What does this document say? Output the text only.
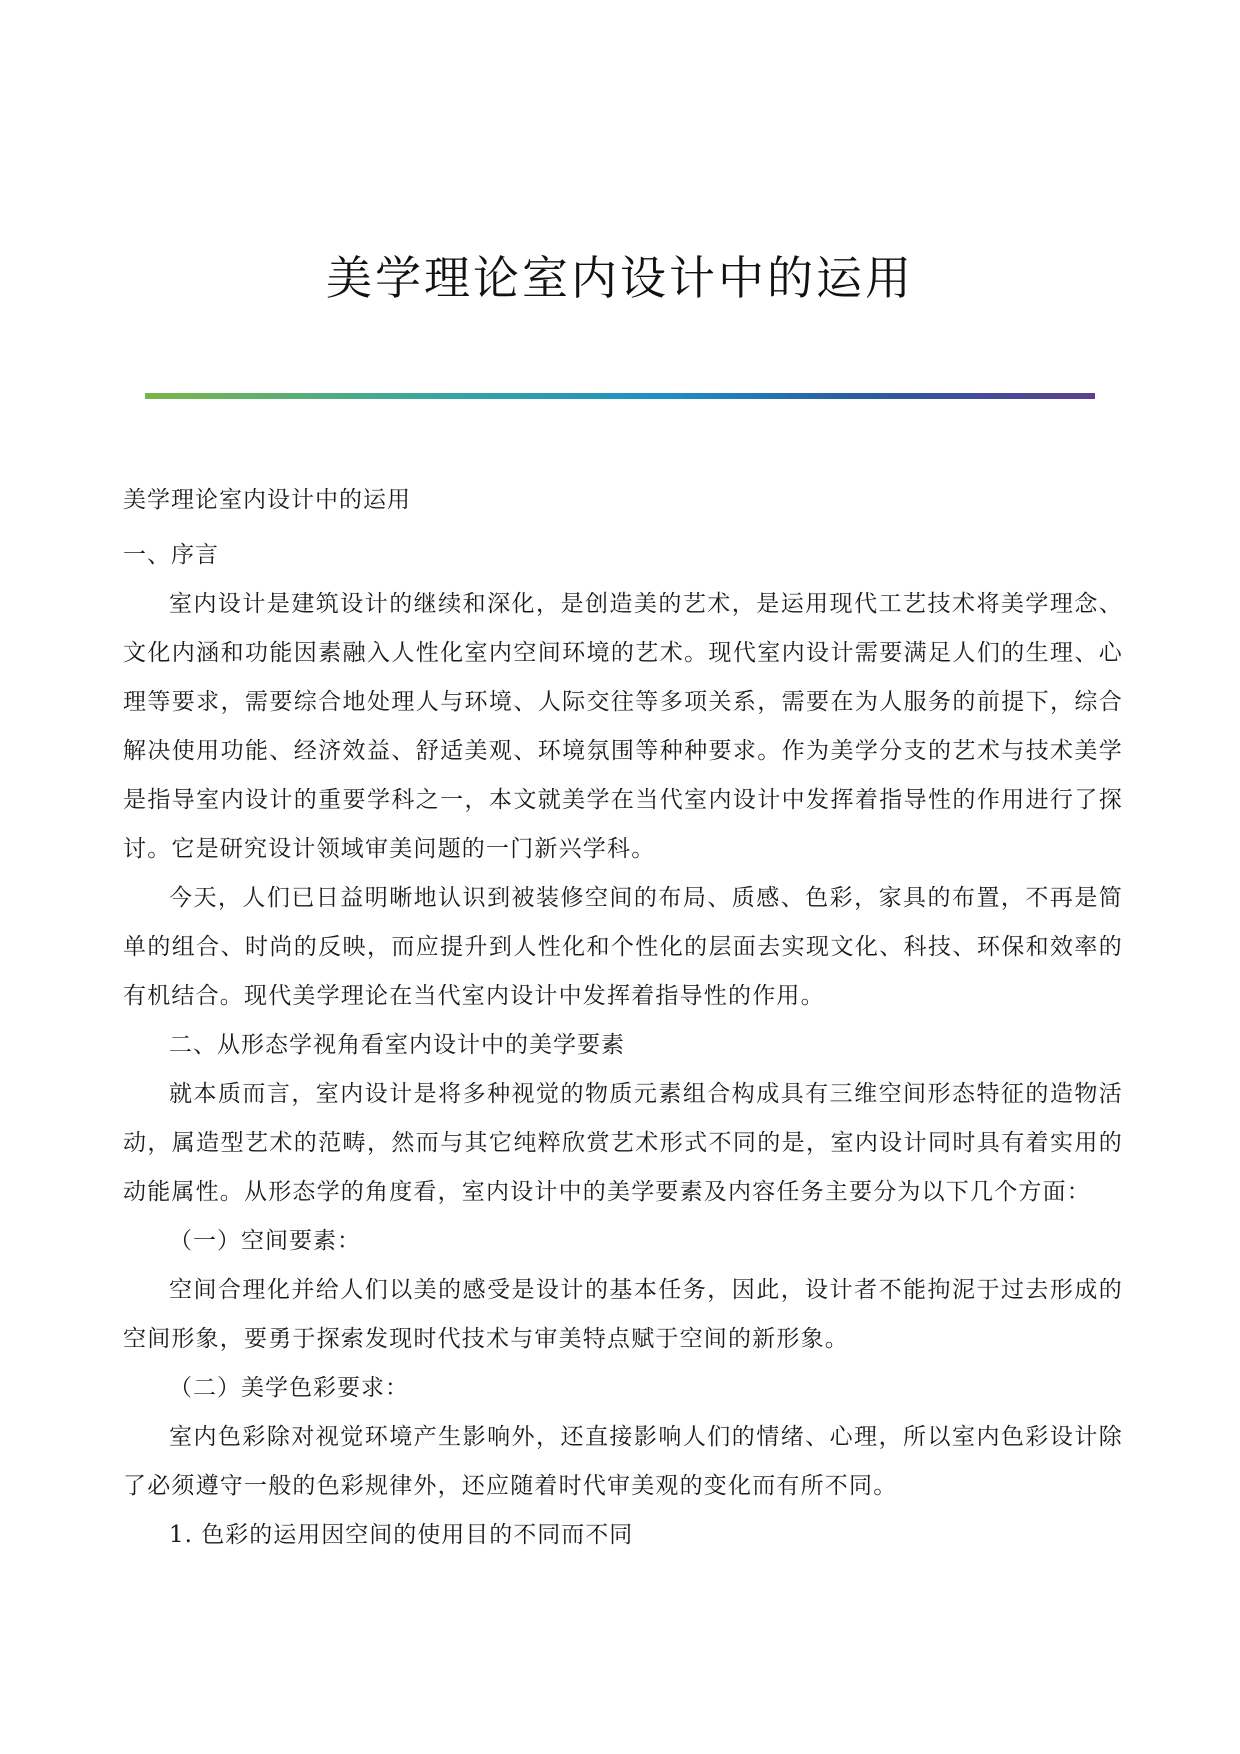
美学理论室内设计中的运用

美学理论室内设计中的运用

一、序言

室内设计是建筑设计的继续和深化，是创造美的艺术，是运用现代工艺技术将美学理念、文化内涵和功能因素融入人性化室内空间环境的艺术。现代室内设计需要满足人们的生理、心理等要求，需要综合地处理人与环境、人际交往等多项关系，需要在为人服务的前提下，综合解决使用功能、经济效益、舒适美观、环境氛围等种种要求。作为美学分支的艺术与技术美学是指导室内设计的重要学科之一，本文就美学在当代室内设计中发挥着指导性的作用进行了探讨。它是研究设计领域审美问题的一门新兴学科。

今天，人们已日益明晰地认识到被装修空间的布局、质感、色彩，家具的布置，不再是简单的组合、时尚的反映，而应提升到人性化和个性化的层面去实现文化、科技、环保和效率的有机结合。现代美学理论在当代室内设计中发挥着指导性的作用。

二、从形态学视角看室内设计中的美学要素

就本质而言，室内设计是将多种视觉的物质元素组合构成具有三维空间形态特征的造物活动，属造型艺术的范畴，然而与其它纯粹欣赏艺术形式不同的是，室内设计同时具有着实用的动能属性。从形态学的角度看，室内设计中的美学要素及内容任务主要分为以下几个方面：

（一）空间要素：

空间合理化并给人们以美的感受是设计的基本任务，因此，设计者不能拘泥于过去形成的空间形象，要勇于探索发现时代技术与审美特点赋于空间的新形象。

（二）美学色彩要求：

室内色彩除对视觉环境产生影响外，还直接影响人们的情绪、心理，所以室内色彩设计除了必须遵守一般的色彩规律外，还应随着时代审美观的变化而有所不同。

1. 色彩的运用因空间的使用目的不同而不同
